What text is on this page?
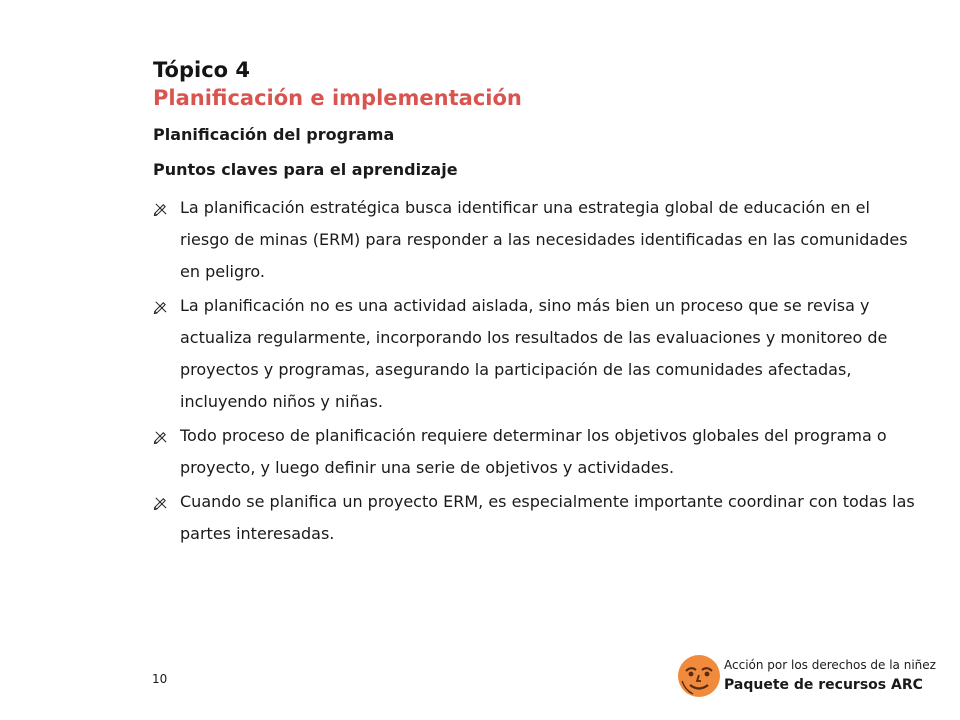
Tópico 4
Planificación e implementación
Planificación del programa
Puntos claves para el aprendizaje
La planificación estratégica busca identificar una estrategia global de educación en el riesgo de minas (ERM) para responder a las necesidades identificadas en las comunidades en peligro.
La planificación no es una actividad aislada, sino más bien un proceso que se revisa y actualiza regularmente, incorporando los resultados de las evaluaciones y monitoreo de proyectos y programas, asegurando la participación de las comunidades afectadas, incluyendo niños y niñas.
Todo proceso de planificación requiere determinar los objetivos globales del programa o proyecto, y luego definir una serie de objetivos y actividades.
Cuando se planifica un proyecto ERM, es especialmente importante coordinar con todas las partes interesadas.
10
Acción por los derechos de la niñez
Paquete de recursos ARC
